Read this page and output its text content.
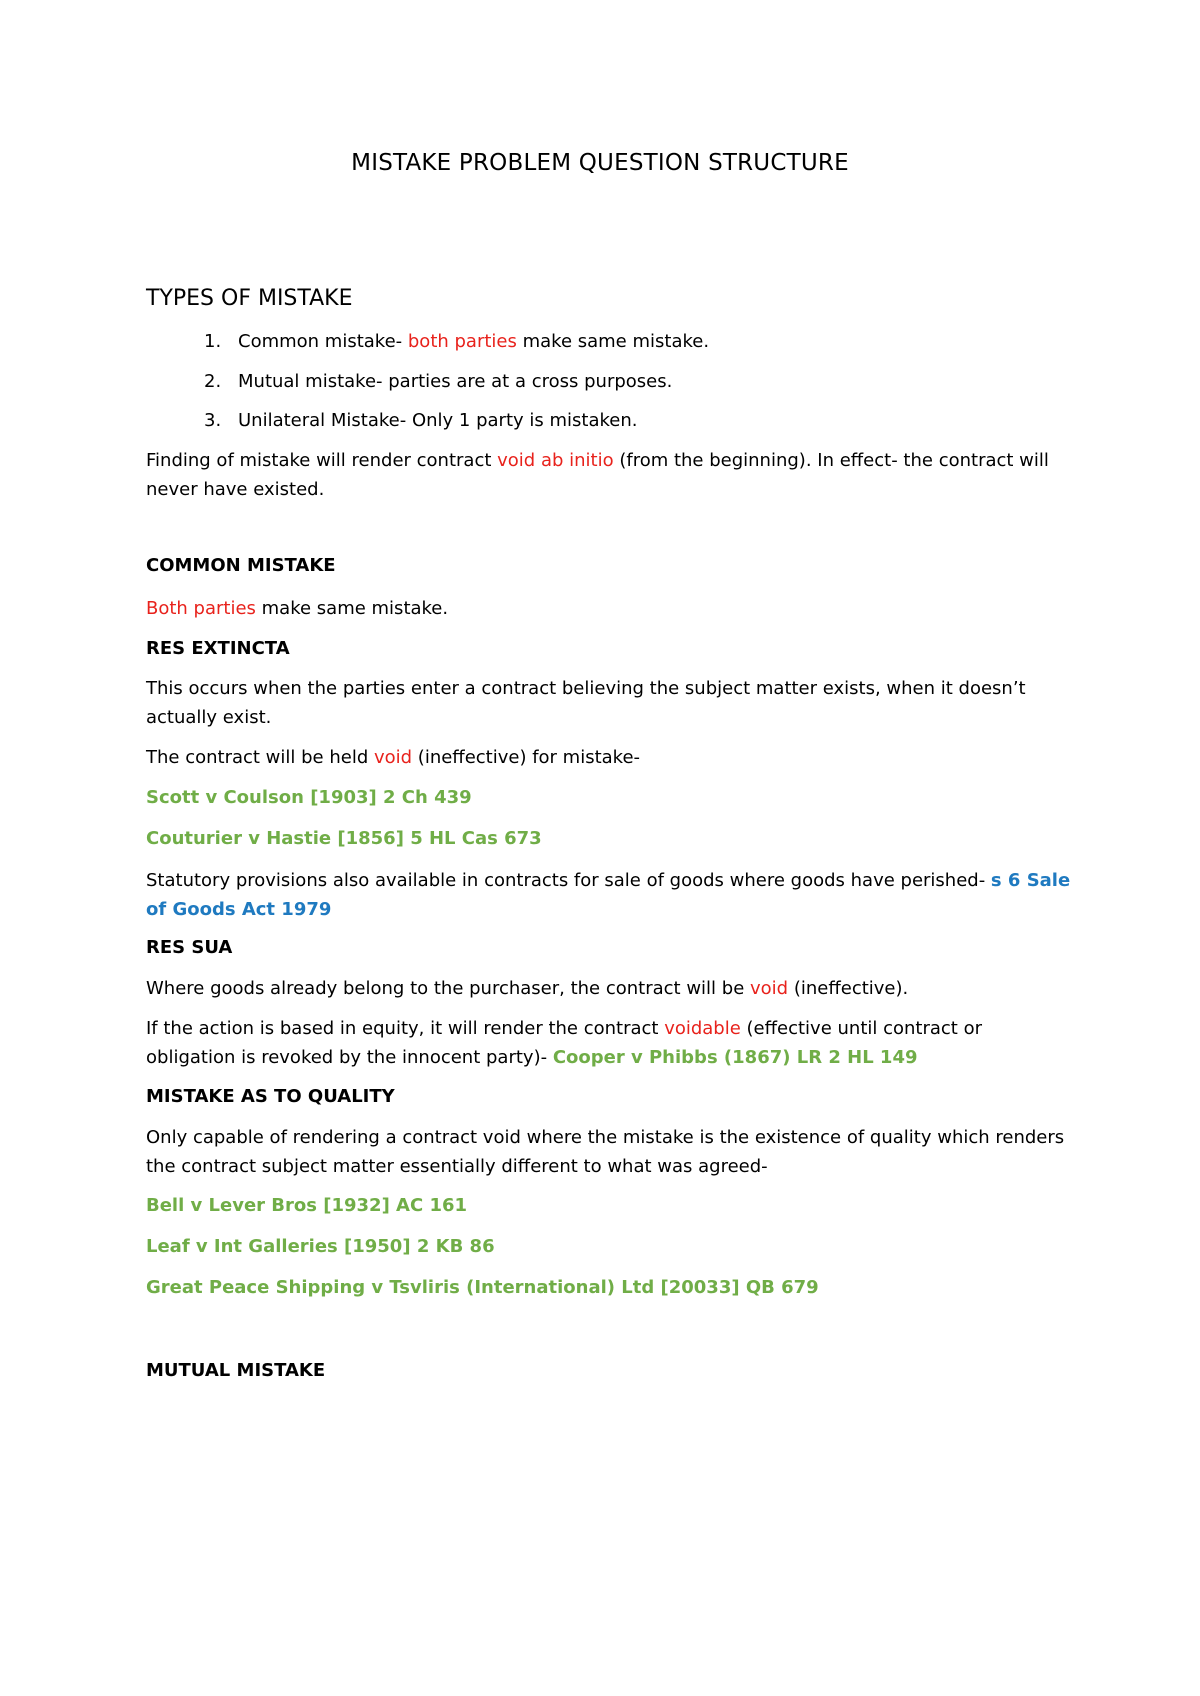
MISTAKE PROBLEM QUESTION STRUCTURE
TYPES OF MISTAKE
1. Common mistake- both parties make same mistake.
2. Mutual mistake- parties are at a cross purposes.
3. Unilateral Mistake- Only 1 party is mistaken.
Finding of mistake will render contract void ab initio (from the beginning). In effect- the contract will never have existed.
COMMON MISTAKE
Both parties make same mistake.
RES EXTINCTA
This occurs when the parties enter a contract believing the subject matter exists, when it doesn’t actually exist.
The contract will be held void (ineffective) for mistake-
Scott v Coulson [1903] 2 Ch 439
Couturier v Hastie [1856] 5 HL Cas 673
Statutory provisions also available in contracts for sale of goods where goods have perished- s 6 Sale of Goods Act 1979
RES SUA
Where goods already belong to the purchaser, the contract will be void (ineffective).
If the action is based in equity, it will render the contract voidable (effective until contract or obligation is revoked by the innocent party)- Cooper v Phibbs (1867) LR 2 HL 149
MISTAKE AS TO QUALITY
Only capable of rendering a contract void where the mistake is the existence of quality which renders the contract subject matter essentially different to what was agreed-
Bell v Lever Bros [1932] AC 161
Leaf v Int Galleries [1950] 2 KB 86
Great Peace Shipping v Tsvliris (International) Ltd [20033] QB 679
MUTUAL MISTAKE
